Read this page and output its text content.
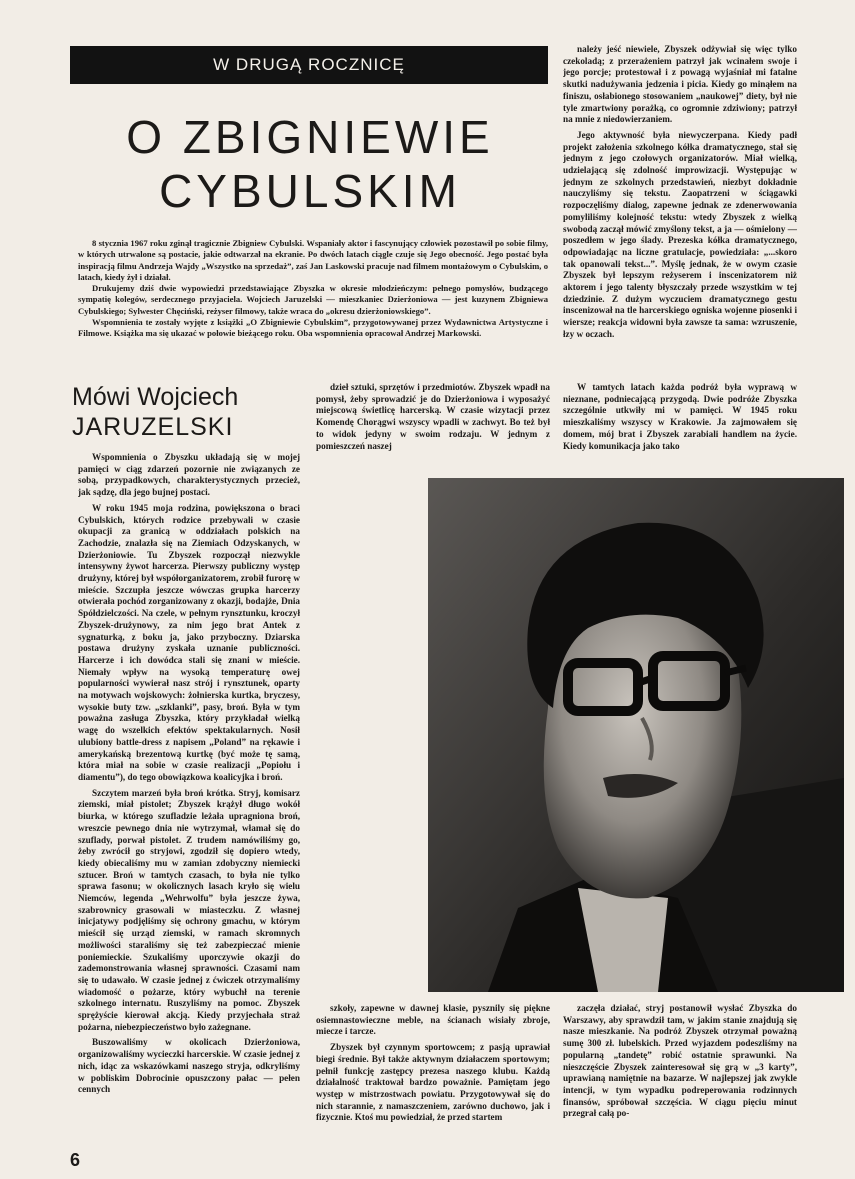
W DRUGĄ ROCZNICĘ
O ZBIGNIEWIE
CYBULSKIM

8 stycznia 1967 roku zginął tragicznie Zbigniew Cybulski. Wspaniały aktor i fascynujący człowiek pozostawił po sobie filmy, w których utrwalone są postacie, jakie odtwarzał na ekranie. Po dwóch latach ciągle czuje się Jego obecność. Jego postać była inspiracją filmu Andrzeja Wajdy „Wszystko na sprzedaż”, zaś Jan Laskowski pracuje nad filmem montażowym o Cybulskim, o latach, kiedy żył i działał.

Drukujemy dziś dwie wypowiedzi przedstawiające Zbyszka w okresie młodzieńczym: pełnego pomysłów, budzącego sympatię kolegów, serdecznego przyjaciela. Wojciech Jaruzelski — mieszkaniec Dzierżoniowa — jest kuzynem Zbigniewa Cybulskiego; Sylwester Chęciński, reżyser filmowy, także wraca do „okresu dzierżoniowskiego”.

Wspomnienia te zostały wyjęte z książki „O Zbigniewie Cybulskim”, przygotowywanej przez Wydawnictwa Artystyczne i Filmowe. Książka ma się ukazać w połowie bieżącego roku. Oba wspomnienia opracował Andrzej Markowski.

Mówi Wojciech
JARUZELSKI

Wspomnienia o Zbyszku układają się w mojej pamięci w ciąg zdarzeń pozornie nie związanych ze sobą, przypadkowych, charakterystycznych przecież, jak sądzę, dla jego bujnej postaci.

W roku 1945 moja rodzina, powiększona o braci Cybulskich, których rodzice przebywali w czasie okupacji za granicą w oddziałach polskich na Zachodzie, znalazła się na Ziemiach Odzyskanych, w Dzierżoniowie. Tu Zbyszek rozpoczął niezwykle intensywny żywot harcerza. Pierwszy publiczny występ drużyny, której był współorganizatorem, zrobił furorę w mieście. Szczupła jeszcze wówczas grupka harcerzy otwierała pochód zorganizowany z okazji, bodajże, Dnia Spółdzielczości. Na czele, w pełnym rynsztunku, kroczył Zbyszek-drużynowy, za nim jego brat Antek z sygnaturką, z boku ja, jako przyboczny. Dziarska postawa drużyny zyskała uznanie publiczności. Harcerze i ich dowódca stali się znani w mieście. Niemały wpływ na wysoką temperaturę owej popularności wywierał nasz strój i rynsztunek, oparty na motywach wojskowych: żołnierska kurtka, bryczesy, wysokie buty tzw. „szklanki”, pasy, broń. Była w tym poważna zasługa Zbyszka, który przykładał wielką wagę do wszelkich efektów spektakularnych. Nosił ulubiony battle-dress z napisem „Poland” na rękawie i amerykańską brezentową kurtkę (być może tę samą, która miał na sobie w czasie realizacji „Popiołu i diamentu”), do tego obowiązkowa koalicyjka i broń.

Szczytem marzeń była broń krótka. Stryj, komisarz ziemski, miał pistolet; Zbyszek krążył długo wokół biurka, w którego szufladzie leżała upragniona broń, wreszcie pewnego dnia nie wytrzymał, włamał się do szuflady, porwał pistolet. Z trudem namówiliśmy go, żeby zwrócił go stryjowi, zgodził się dopiero wtedy, kiedy obiecaliśmy mu w zamian zdobyczny niemiecki sztucer. Broń w tamtych czasach, to była nie tylko sprawa fasonu; w okolicznych lasach kryło się wielu Niemców, legenda „Wehrwolfu” była jeszcze żywa, szabrownicy grasowali w miasteczku. Z własnej inicjatywy podjęliśmy się ochrony gmachu, w którym mieścił się urząd ziemski, w ramach skromnych możliwości staraliśmy się też zabezpieczać mienie poniemieckie. Szukaliśmy uporczywie okazji do zademonstrowania własnej sprawności. Czasami nam się to udawało. W czasie jednej z ćwiczek otrzymaliśmy wiadomość o pożarze, który wybuchł na terenie szkolnego internatu. Ruszyliśmy na pomoc. Zbyszek sprężyście kierował akcją. Kiedy przyjechała straż pożarna, niebezpieczeństwo było zażegnane.

Buszowaliśmy w okolicach Dzierżoniowa, organizowaliśmy wycieczki harcerskie. W czasie jednej z nich, idąc za wskazówkami naszego stryja, odkryliśmy w pobliskim Dobrocinie opuszczony pałac — pełen cennych

należy jeść niewiele, Zbyszek odżywiał się więc tylko czekoladą; z przerażeniem patrzył jak wcinałem swoje i jego porcje; protestował i z powagą wyjaśniał mi fatalne skutki nadużywania jedzenia i picia. Kiedy go minąłem na finiszu, osłabionego stosowaniem „naukowej” diety, był nie tyle zmartwiony porażką, co ogromnie zdziwiony; patrzył na mnie z niedowierzaniem.

Jego aktywność była niewyczerpana. Kiedy padł projekt założenia szkolnego kółka dramatycznego, stał się jednym z jego czołowych organizatorów. Miał wielką, udzielającą się zdolność improwizacji. Występując w jednym ze szkolnych przedstawień, niezbyt dokładnie nauczyliśmy się tekstu. Zaopatrzeni w ściągawki rozpoczęliśmy dialog, zapewne jednak ze zdenerwowania pomyliliśmy kolejność tekstu: wtedy Zbyszek z wielką swobodą zaczął mówić zmyślony tekst, a ja — ośmielony — poszedłem w jego ślady. Prezeska kółka dramatycznego, odpowiadając na liczne gratulacje, powiedziała: „...skoro tak opanowali tekst...”. Myślę jednak, że w owym czasie Zbyszek był lepszym reżyserem i inscenizatorem niż aktorem i jego talenty błyszczały przede wszystkim w tej dziedzinie. Z dużym wyczuciem dramatycznego gestu inscenizował na tle harcerskiego ogniska wojenne piosenki i wiersze; reakcja widowni była zawsze ta sama: wzruszenie, łzy w oczach.

dzieł sztuki, sprzętów i przedmiotów. Zbyszek wpadł na pomysł, żeby sprowadzić je do Dzierżoniowa i wyposażyć miejscową świetlicę harcerską. W czasie wizytacji przez Komendę Chorągwi wszyscy wpadli w zachwyt. Bo też był to widok jedyny w swoim rodzaju. W jednym z pomieszczeń naszej

W tamtych latach każda podróż była wyprawą w nieznane, podniecającą przygodą. Dwie podróże Zbyszka szczególnie utkwiły mi w pamięci. W 1945 roku mieszkaliśmy wszyscy w Krakowie. Ja zajmowałem się domem, mój brat i Zbyszek zarabiali handlem na życie. Kiedy komunikacja jako tako

szkoły, zapewne w dawnej klasie, pysznily się piękne osiemnastowieczne meble, na ścianach wisiały zbroje, miecze i tarcze.

Zbyszek był czynnym sportowcem; z pasją uprawiał biegi średnie. Był także aktywnym działaczem sportowym; pełnił funkcję zastępcy prezesa naszego klubu. Każdą działalność traktował bardzo poważnie. Pamiętam jego występ w mistrzostwach powiatu. Przygotowywał się do nich starannie, z namaszczeniem, zarówno duchowo, jak i fizycznie. Ktoś mu powiedział, że przed startem

zaczęła działać, stryj postanowił wysłać Zbyszka do Warszawy, aby sprawdził tam, w jakim stanie znajdują się nasze mieszkanie. Na podróż Zbyszek otrzymał poważną sumę 300 zł. lubelskich. Przed wyjazdem podeszliśmy na popularną „tandetę” robić ostatnie sprawunki. Na nieszczęście Zbyszek zainteresował się grą w „3 karty”, uprawianą namiętnie na bazarze. W najlepszej jak zwykle intencji, w tym wypadku podreperowania rodzinnych finansów, spróbował szczęścia. W ciągu pięciu minut przegrał całą po-

6
